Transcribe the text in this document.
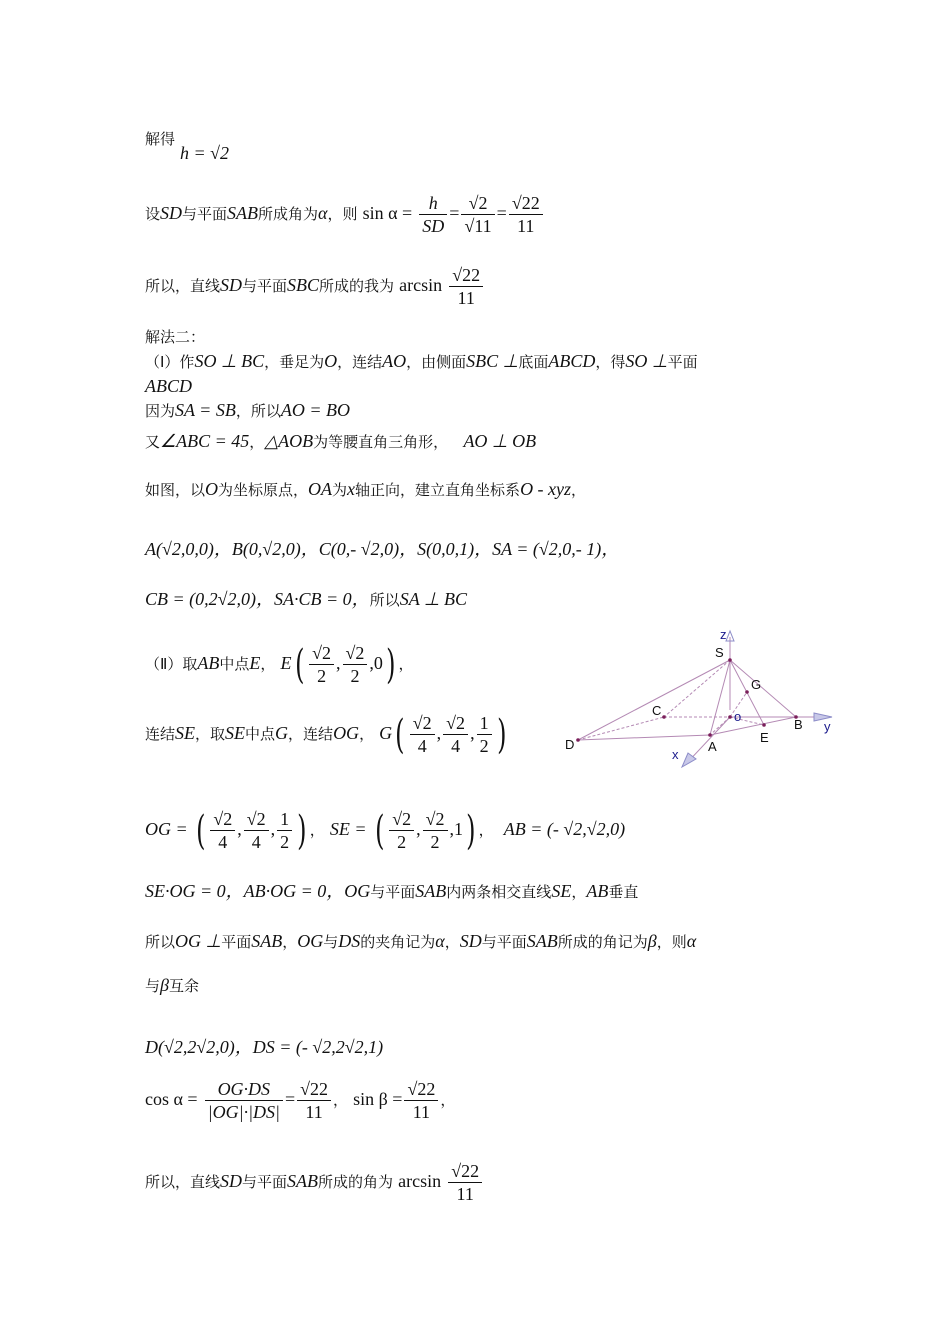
解得
h = √2
设SD与平面SAB所成角为α，则 $\sin \alpha = \frac{h}{SD} = \frac{√2}{√11} = \frac{√22}{11}$
所以，直线SD与平面SBC所成的我为 $\arcsin \frac{√22}{11}$
解法二：
（Ⅰ）作SO ⊥ BC，垂足为O，连结AO，由侧面SBC ⊥底面ABCD，得SO ⊥平面
ABCD
因为SA = SB，所以AO = BO
又∠ABC = 45，△AOB为等腰直角三角形， AO ⊥ OB
如图，以O为坐标原点，OA为x轴正向，建立直角坐标系O - xyz，
A(√2,0,0)，B(0,√2,0)，C(0,- √2,0)，S(0,0,1)，SA = (√2,0,- 1)，
CB = (0,2√2,0)，SA·CB = 0，所以SA ⊥ BC
（Ⅱ）取AB中点E， $E( \frac{√2}{2}$ , $\frac{√2}{2} ,0$) ，
连结SE，取SE中点G，连结OG， $G( \frac{√2}{4}$ , $\frac{√2}{4}$ , $\frac{1}{2}$ )
OG = ( $\frac{√2}{4}$ , $\frac{√2}{4}$ , $\frac{1}{2}$ ) ， SE = ( $\frac{√2}{2}$ , $\frac{√2}{2} ,1$) ， AB = (- √2,√2,0)
SE·OG = 0，AB·OG = 0，OG与平面SAB内两条相交直线SE，AB垂直
所以OG ⊥平面SAB，OG与DS的夹角记为α，SD与平面SAB所成的角记为β，则α
与β互余
D(√2,2√2,0)，DS = (- √2,2√2,1)
$\cos \alpha = \frac{OG\cdot DS}{|OG|\cdot|DS|} = \frac{√22}{11}$ ， $\sin \beta = \frac{√22}{11}$ ，
所以，直线SD与平面SAB所成的角为 $\arcsin \frac{√22}{11}$
z
S
G
C	o
B y
D	A
E
x
